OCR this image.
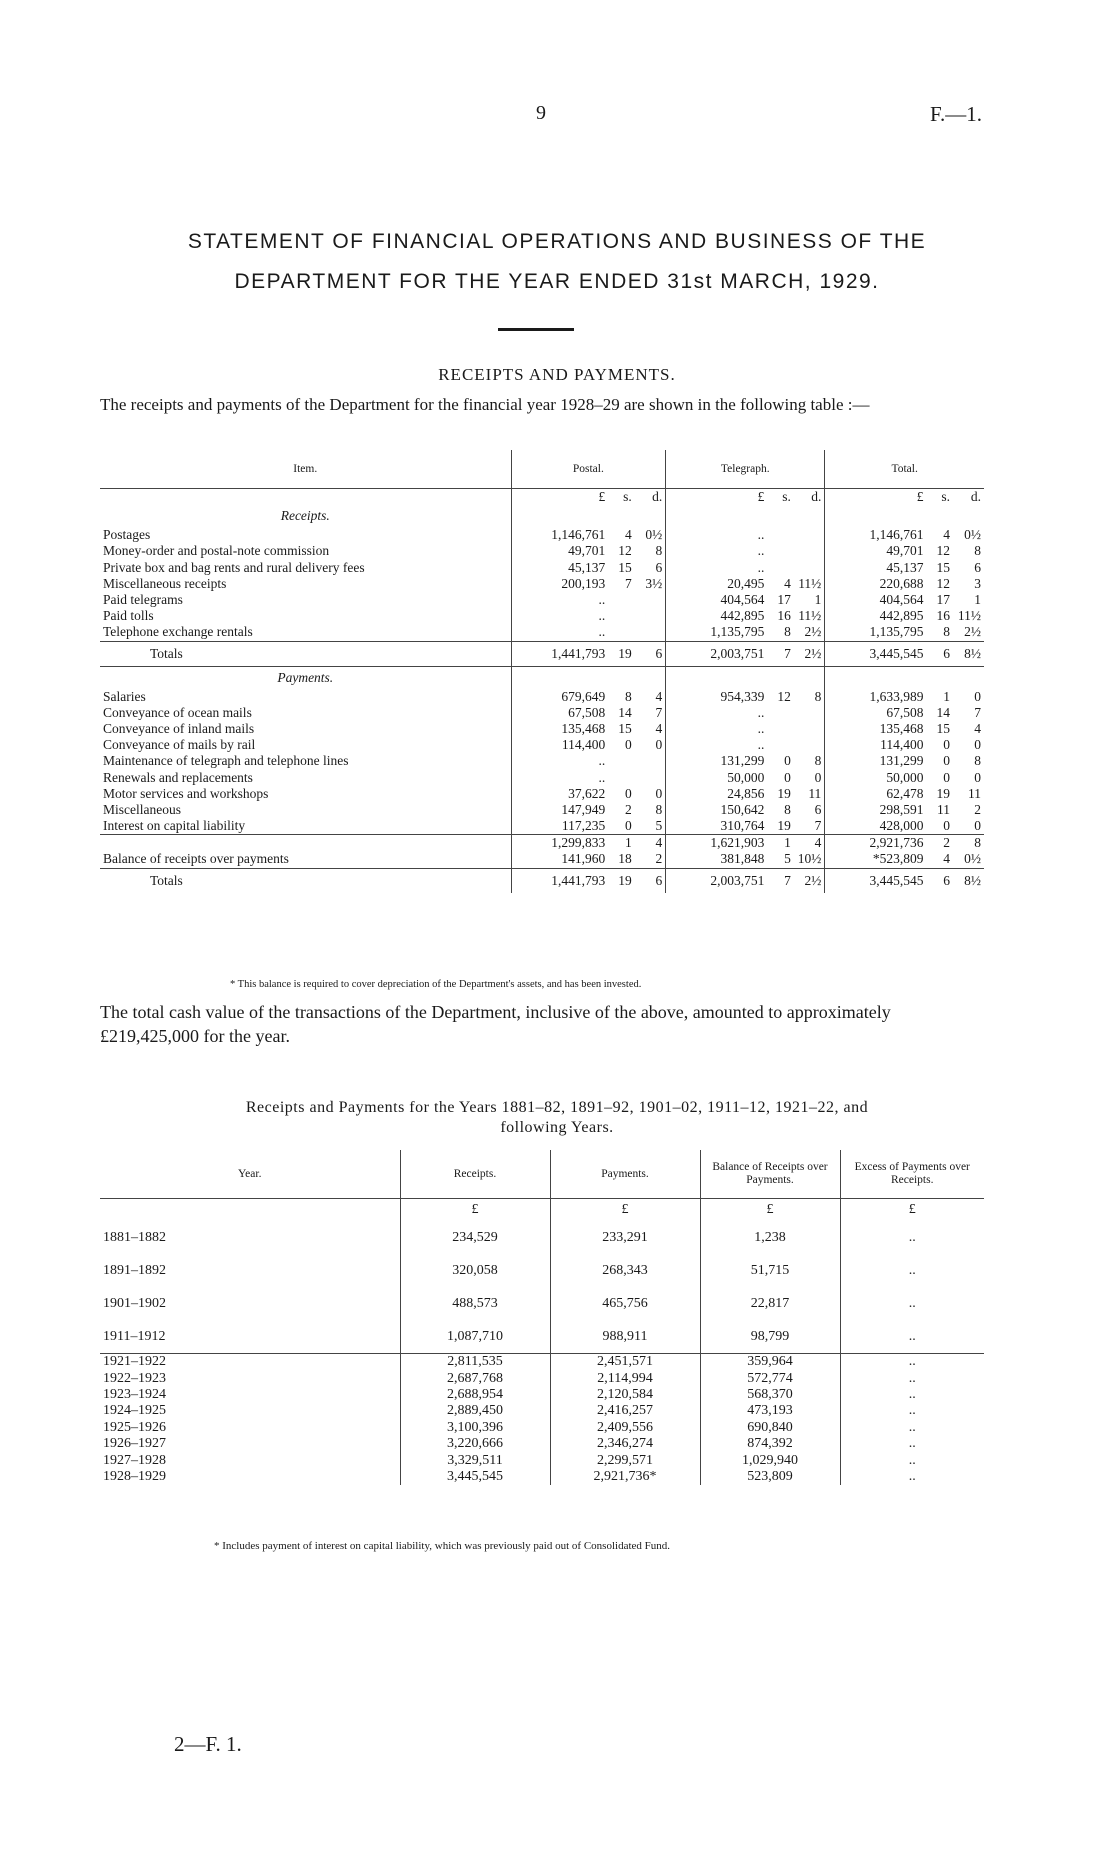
9	F.—1.
STATEMENT OF FINANCIAL OPERATIONS AND BUSINESS OF THE
DEPARTMENT FOR THE YEAR ENDED 31st MARCH, 1929.
RECEIPTS AND PAYMENTS.
The receipts and payments of the Department for the financial year 1928–29 are shown in the following table :—
Item.	Postal.			Telegraph.			Total.		
	£	s.	d.	£	s.	d.	£	s.	d.
Receipts.									
Postages	1,146,761	4	0½	..			1,146,761	4	0½
Money-order and postal-note commission	49,701	12	8	..			49,701	12	8
Private box and bag rents and rural delivery fees	45,137	15	6	..			45,137	15	6
Miscellaneous receipts	200,193	7	3½	20,495	4	11½	220,688	12	3
Paid telegrams	..			404,564	17	1	404,564	17	1
Paid tolls	..			442,895	16	11½	442,895	16	11½
Telephone exchange rentals	..			1,135,795	8	2½	1,135,795	8	2½
Totals	1,441,793	19	6	2,003,751	7	2½	3,445,545	6	8½
Payments.									
Salaries	679,649	8	4	954,339	12	8	1,633,989	1	0
Conveyance of ocean mails	67,508	14	7	..			67,508	14	7
Conveyance of inland mails	135,468	15	4	..			135,468	15	4
Conveyance of mails by rail	114,400	0	0	..			114,400	0	0
Maintenance of telegraph and telephone lines	..			131,299	0	8	131,299	0	8
Renewals and replacements	..			50,000	0	0	50,000	0	0
Motor services and workshops	37,622	0	0	24,856	19	11	62,478	19	11
Miscellaneous	147,949	2	8	150,642	8	6	298,591	11	2
Interest on capital liability	117,235	0	5	310,764	19	7	428,000	0	0
	1,299,833	1	4	1,621,903	1	4	2,921,736	2	8
Balance of receipts over payments	141,960	18	2	381,848	5	10½	*523,809	4	0½
Totals	1,441,793	19	6	2,003,751	7	2½	3,445,545	6	8½
* This balance is required to cover depreciation of the Department's assets, and has been invested.
The total cash value of the transactions of the Department, inclusive of the above, amounted to approximately £219,425,000 for the year.
Receipts and Payments for the Years 1881–82, 1891–92, 1901–02, 1911–12, 1921–22, and
following Years.
Year.	Receipts.	Payments.	Balance of Receipts over Payments.	Excess of Payments over Receipts.
	£	£	£	£
1881–1882	234,529	233,291	1,238	..
1891–1892	320,058	268,343	51,715	..
1901–1902	488,573	465,756	22,817	..
1911–1912	1,087,710	988,911	98,799	..
1921–1922	2,811,535	2,451,571	359,964	..
1922–1923	2,687,768	2,114,994	572,774	..
1923–1924	2,688,954	2,120,584	568,370	..
1924–1925	2,889,450	2,416,257	473,193	..
1925–1926	3,100,396	2,409,556	690,840	..
1926–1927	3,220,666	2,346,274	874,392	..
1927–1928	3,329,511	2,299,571	1,029,940	..
1928–1929	3,445,545	2,921,736*	523,809	..
* Includes payment of interest on capital liability, which was previously paid out of Consolidated Fund.
2—F. 1.
